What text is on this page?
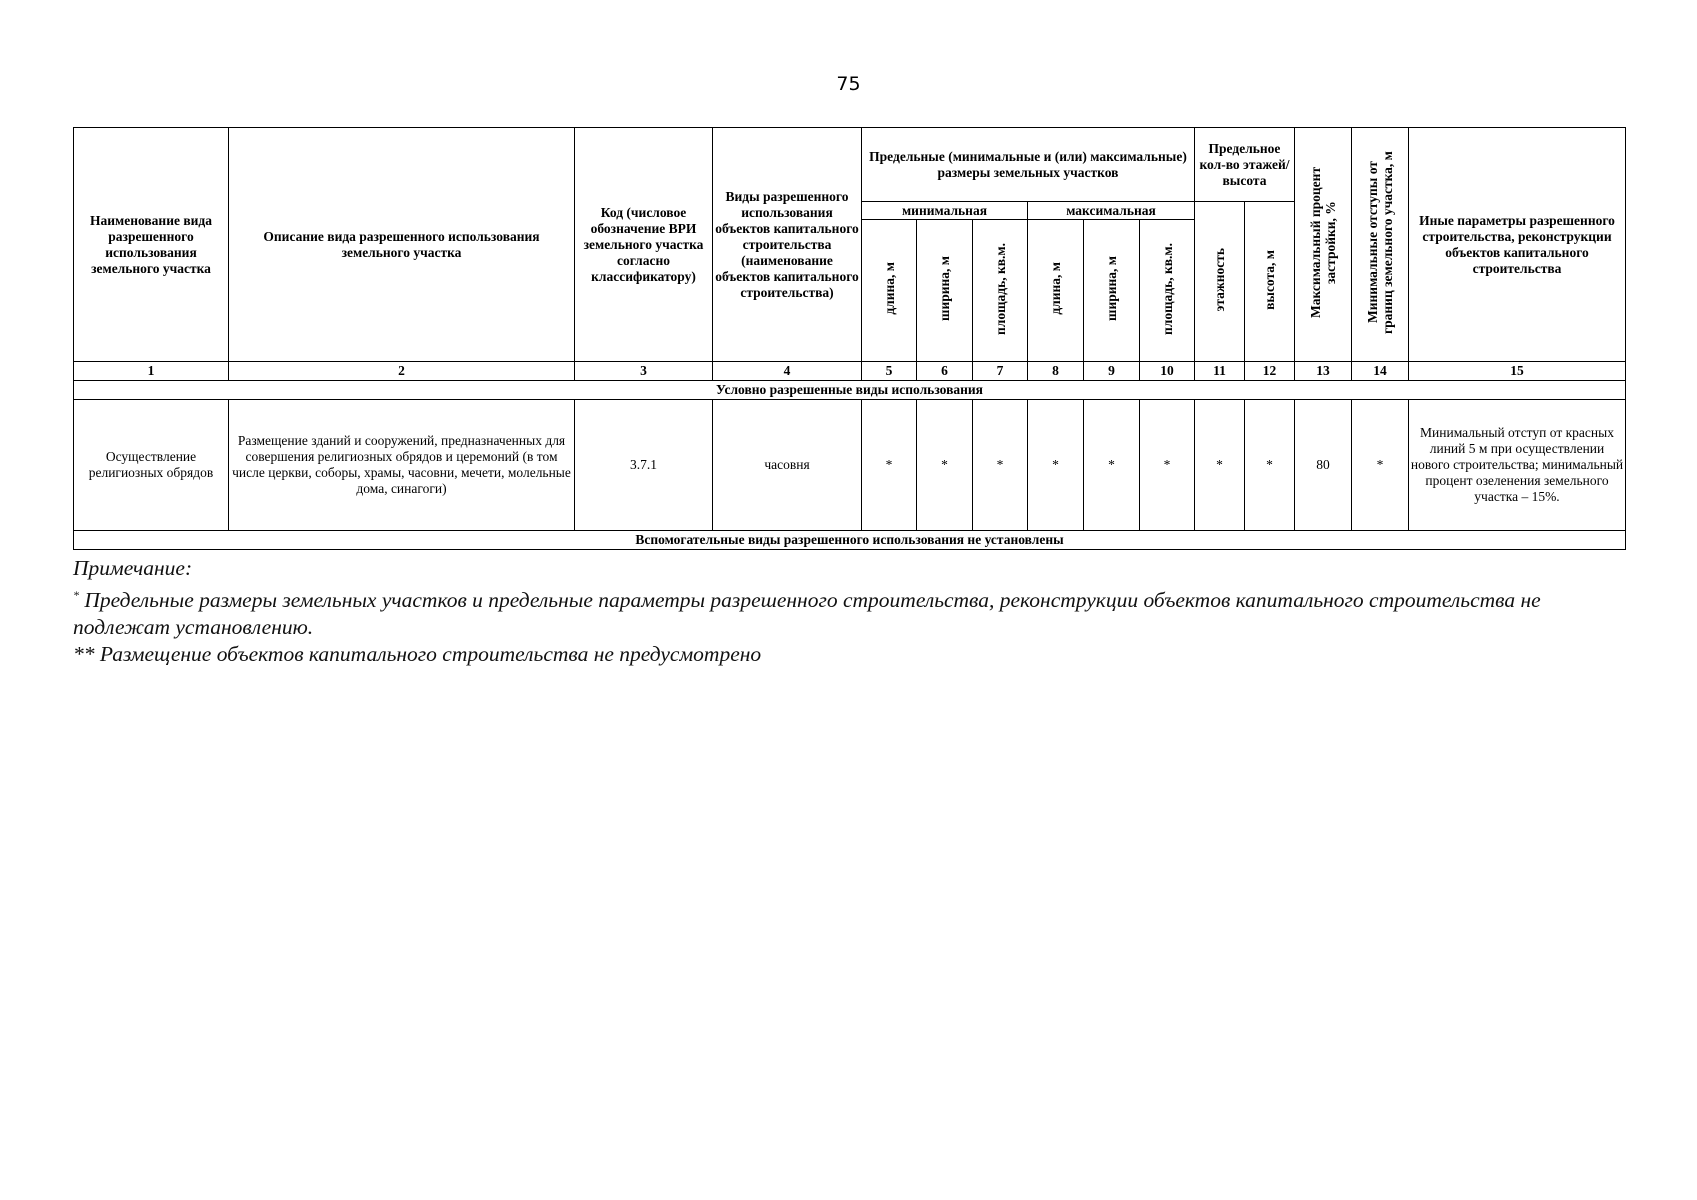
75
Наименование вида разрешенного использования земельного участка	Описание вида разрешенного использования земельного участка	Код (числовое обозначение ВРИ земельного участка согласно классификатору)	Виды разрешенного использования объектов капитального строительства (наименование объектов капитального строительства)	Предельные (минимальные и (или) максимальные) размеры земельных участков						Предельное кол-во этажей/ высота		Максимальный процент застройки, %	Минимальные отступы от границ земельного участка, м	Иные параметры разрешенного строительства, реконструкции объектов капитального строительства
				минимальная			максимальная			этажность	высота, м			
				длина, м	ширина, м	площадь, кв.м.	длина, м	ширина, м	площадь, кв.м.					
1	2	3	4	5	6	7	8	9	10	11	12	13	14	15
Условно разрешенные виды использования														
Осуществление религиозных обрядов	Размещение зданий и сооружений, предназначенных для совершения религиозных обрядов и церемоний (в том числе церкви, соборы, храмы, часовни, мечети, молельные дома, синагоги)	3.7.1	часовня	*	*	*	*	*	*	*	*	80	*	Минимальный отступ от красных линий 5 м при осуществлении нового строительства; минимальный процент озеленения земельного участка – 15%.
Вспомогательные виды разрешенного использования не установлены														

Примечание:

* Предельные размеры земельных участков и предельные параметры разрешенного строительства, реконструкции объектов капитального строительства не подлежат установлению.

** Размещение объектов капитального строительства не предусмотрено
